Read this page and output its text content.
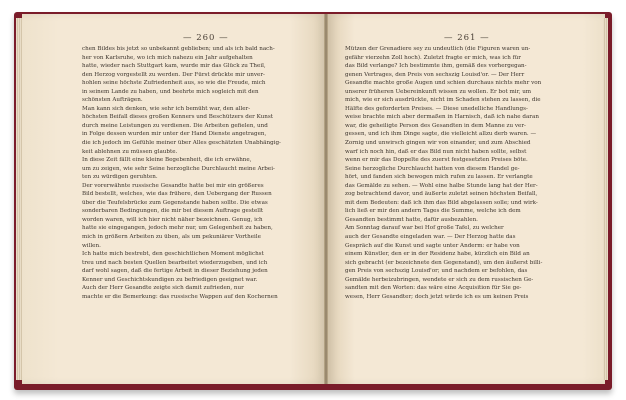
— 260 —	— 261 —
chen Bildes bis jetzt so unbekannt geblieben; und als ich bald nach-
her von Karlsruhe, wo ich mich nahezu ein Jahr aufgehalten
hatte, wieder nach Stuttgart kam, wurde mir das Glück zu Theil,
den Herzog vorgestellt zu werden. Der Fürst drückte mir unver-
hohlen seine höchste Zufriedenheit aus, so wie die Freude, mich
in seinem Lande zu haben, und beehrte mich sogleich mit den
schönsten Aufträgen.
Man kann sich denken, wie sehr ich bemüht war, den aller-
höchsten Beifall dieses großen Kenners und Beschützers der Kunst
durch meine Leistungen zu verdienen. Die Arbeiten gefielen, und
in Folge dessen wurden mir unter der Hand Dienste angetragen,
die ich jedoch im Gefühle meiner über Alles geschätzten Unabhängig-
keit ablehnen zu müssen glaubte.
In diese Zeit fällt eine kleine Begebenheit, die ich erwähne,
um zu zeigen, wie sehr Seine herzogliche Durchlaucht meine Arbei-
ten zu würdigen geruhten.
Der vorerwähnte russische Gesandte hatte bei mir ein größeres
Bild bestellt, welches, wie das frühere, den Uebergang der Russen
über die Teufelsbrücke zum Gegenstande haben sollte. Die etwas
sonderbaren Bedingungen, die mir bei diesem Auftrage gestellt
worden waren, will ich hier nicht näher bezeichnen. Genug, ich
hatte sie eingegangen, jedoch mehr nur, um Gelegenheit zu haben,
mich in größern Arbeiten zu üben, als um pekuniärer Vortheile
willen.
Ich hatte mich bestrebt, den geschichtlichen Moment möglichst
treu und nach besten Quellen bearbeitet wiederzugeben, und ich
darf wohl sagen, daß die fertige Arbeit in dieser Beziehung jeden
Kenner und Geschichtskundigen zu befriedigen geeignet war.
Auch der Herr Gesandte zeigte sich damit zufrieden, nur
machte er die Bemerkung: das russische Wappen auf den Kochernen
Mützen der Grenadiere sey zu undeutlich (die Figuren waren un-
gefähr vierzehn Zoll hoch). Zuletzt fragte er mich, was ich für
das Bild verlange? Ich bestimmte ihm, gemäß des vorhergegan-
genen Vertrages, den Preis von sechszig Louisd'or. — Der Herr
Gesandte machte große Augen und schien durchaus nichts mehr von
unserer früheren Uebereinkunft wissen zu wollen. Er bot mir, um
mich, wie er sich ausdrückte, nicht im Schaden stehen zu lassen, die
Hälfte des geforderten Preises. — Diese unedelliche Handlungs-
weise brachte mich aber dermaßen in Harnisch, daß ich nahe daran
war, die geheiligte Person des Gesandten in dem Manne zu ver-
gessen, und ich ihm Dinge sagte, die vielleicht allzu derb waren. —
Zornig und unwirsch gingen wir von einander, und zum Abschied
warf ich noch hin, daß er das Bild nun nicht haben sollte, selbst
wenn er mir das Doppelte des zuerst festgesetzten Preises böte.
Seine herzogliche Durchlaucht hatten von diesem Handel ge-
hört, und fanden sich bewogen mich rufen zu lassen. Er verlangte
das Gemälde zu sehen. — Wohl eine halbe Stunde lang hat der Her-
zog betrachtend davor, und äußerte zuletzt seinen höchsten Beifall,
mit dem Bedeuten: daß ich ihm das Bild abgelassen solle; und wirk-
lich ließ er mir den andern Tages die Summe, welche ich dem
Gesandten bestimmt hatte, dafür ausbezahlen.
Am Sonntag darauf war bei Hof große Tafel, zu welcher
auch der Gesandte eingeladen war. — Der Herzog hatte das
Gespräch auf die Kunst und sagte unter Anderm: er habe von
einem Künstler, den er in der Residenz habe, kürzlich ein Bild an
sich gebracht (er bezeichnete den Gegenstand), um den äußerst billi-
gen Preis von sechszig Louisd'or; und nachdem er befohlen, das
Gemälde herbeizubringen, wendete er sich zu dem russischen Ge-
sandten mit den Worten: das wäre eine Acquisition für Sie ge-
wesen, Herr Gesandter; doch jetzt würde ich es um keinen Preis
